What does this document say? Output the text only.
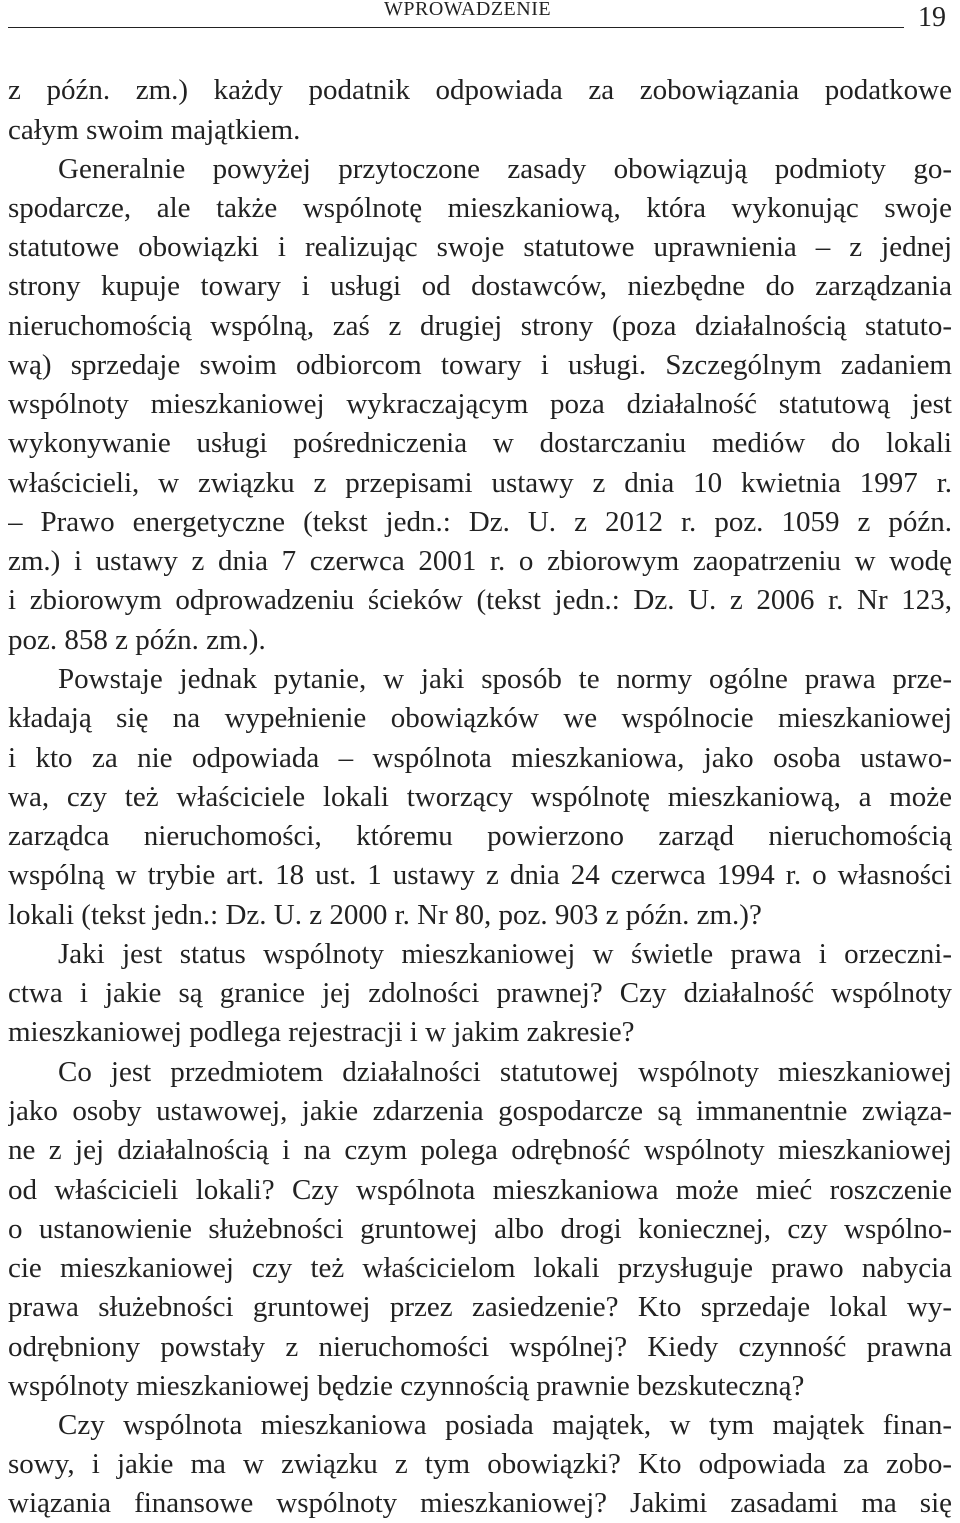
WPROWADZENIE	19
z późn. zm.) każdy podatnik odpowiada za zobowiązania podatkowe
całym swoim majątkiem.
Generalnie powyżej przytoczone zasady obowiązują podmioty go-
spodarcze, ale także wspólnotę mieszkaniową, która wykonując swoje
statutowe obowiązki i realizując swoje statutowe uprawnienia – z jednej
strony kupuje towary i usługi od dostawców, niezbędne do zarządzania
nieruchomością wspólną, zaś z drugiej strony (poza działalnością statuto-
wą) sprzedaje swoim odbiorcom towary i usługi. Szczególnym zadaniem
wspólnoty mieszkaniowej wykraczającym poza działalność statutową jest
wykonywanie usługi pośredniczenia w dostarczaniu mediów do lokali
właścicieli, w związku z przepisami ustawy z dnia 10 kwietnia 1997 r.
– Prawo energetyczne (tekst jedn.: Dz. U. z 2012 r. poz. 1059 z późn.
zm.) i ustawy z dnia 7 czerwca 2001 r. o zbiorowym zaopatrzeniu w wodę
i zbiorowym odprowadzeniu ścieków (tekst jedn.: Dz. U. z 2006 r. Nr 123,
poz. 858 z późn. zm.).
Powstaje jednak pytanie, w jaki sposób te normy ogólne prawa prze-
kładają się na wypełnienie obowiązków we wspólnocie mieszkaniowej
i kto za nie odpowiada – wspólnota mieszkaniowa, jako osoba ustawo-
wa, czy też właściciele lokali tworzący wspólnotę mieszkaniową, a może
zarządca nieruchomości, któremu powierzono zarząd nieruchomością
wspólną w trybie art. 18 ust. 1 ustawy z dnia 24 czerwca 1994 r. o własności
lokali (tekst jedn.: Dz. U. z 2000 r. Nr 80, poz. 903 z późn. zm.)?
Jaki jest status wspólnoty mieszkaniowej w świetle prawa i orzeczni-
ctwa i jakie są granice jej zdolności prawnej? Czy działalność wspólnoty
mieszkaniowej podlega rejestracji i w jakim zakresie?
Co jest przedmiotem działalności statutowej wspólnoty mieszkaniowej
jako osoby ustawowej, jakie zdarzenia gospodarcze są immanentnie związa-
ne z jej działalnością i na czym polega odrębność wspólnoty mieszkaniowej
od właścicieli lokali? Czy wspólnota mieszkaniowa może mieć roszczenie
o ustanowienie służebności gruntowej albo drogi koniecznej, czy wspólno-
cie mieszkaniowej czy też właścicielom lokali przysługuje prawo nabycia
prawa służebności gruntowej przez zasiedzenie? Kto sprzedaje lokal wy-
odrębniony powstały z nieruchomości wspólnej? Kiedy czynność prawna
wspólnoty mieszkaniowej będzie czynnością prawnie bezskuteczną?
Czy wspólnota mieszkaniowa posiada majątek, w tym majątek finan-
sowy, i jakie ma w związku z tym obowiązki? Kto odpowiada za zobo-
wiązania finansowe wspólnoty mieszkaniowej? Jakimi zasadami ma się
